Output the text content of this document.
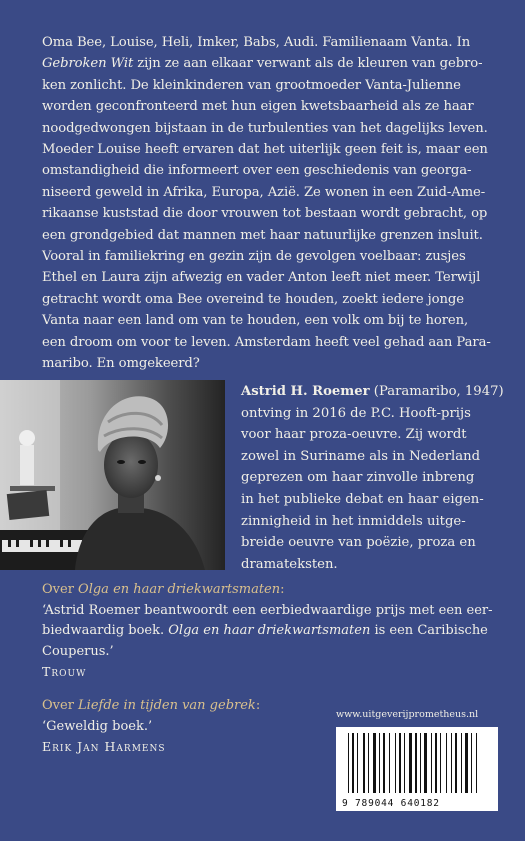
Oma Bee, Louise, Heli, Imker, Babs, Audi. Familienaam Vanta. In
Gebroken Wit zijn ze aan elkaar verwant als de kleuren van gebro-
ken zonlicht. De kleinkinderen van grootmoeder Vanta-Julienne
worden geconfronteerd met hun eigen kwetsbaarheid als ze haar
noodgedwongen bijstaan in de turbulenties van het dagelijks leven.
Moeder Louise heeft ervaren dat het uiterlijk geen feit is, maar een
omstandigheid die informeert over een geschiedenis van georga-
niseerd geweld in Afrika, Europa, Azië. Ze wonen in een Zuid-Ame-
rikaanse kuststad die door vrouwen tot bestaan wordt gebracht, op
een grondgebied dat mannen met haar natuurlijke grenzen insluit.
Vooral in familiekring en gezin zijn de gevolgen voelbaar: zusjes
Ethel en Laura zijn afwezig en vader Anton leeft niet meer. Terwijl
getracht wordt oma Bee overeind te houden, zoekt iedere jonge
Vanta naar een land om van te houden, een volk om bij te horen,
een droom om voor te leven. Amsterdam heeft veel gehad aan Para-
maribo. En omgekeerd?

Astrid H. Roemer (Paramaribo, 1947)
ontving in 2016 de P.C. Hooft-prijs
voor haar proza-oeuvre. Zij wordt
zowel in Suriname als in Nederland
geprezen om haar zinvolle inbreng
in het publieke debat en haar eigen-
zinnigheid in het inmiddels uitge-
breide oeuvre van poëzie, proza en
dramateksten.
Over Olga en haar driekwartsmaten:
‘Astrid Roemer beantwoordt een eerbiedwaardige prijs met een eer-
biedwaardig boek. Olga en haar driekwartsmaten is een Caribische
Couperus.’
Trouw
Over Liefde in tijden van gebrek:
‘Geweldig boek.’
Erik Jan Harmens
www.uitgeverijprometheus.nl
9 789044 640182
